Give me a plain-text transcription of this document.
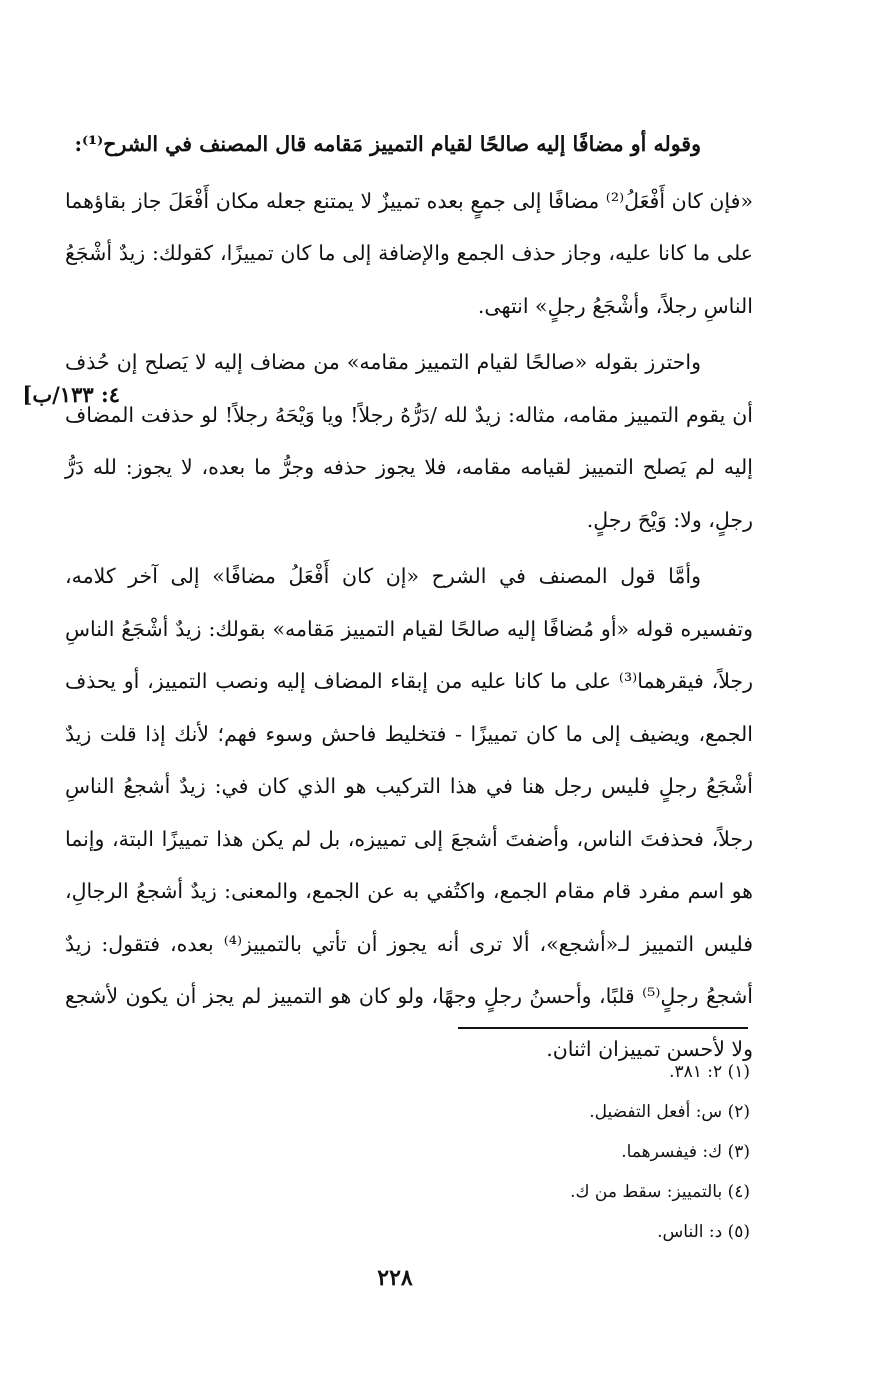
٤: ١٣٣/ب]

وقوله أو مضافًا إليه صالحًا لقيام التمييز مَقامه قال المصنف في الشرح⁽¹⁾:

«فإن كان أَفْعَلُ⁽²⁾ مضافًا إلى جمعٍ بعده تمييزٌ لا يمتنع جعله مكان أَفْعَلَ جاز بقاؤهما على ما كانا عليه، وجاز حذف الجمع والإضافة إلى ما كان تمييزًا، كقولك: زيدٌ أشْجَعُ الناسِ رجلاً، وأشْجَعُ رجلٍ» انتهى.

واحترز بقوله «صالحًا لقيام التمييز مقامه» من مضاف إليه لا يَصلح إن حُذف أن يقوم التمييز مقامه، مثاله: زيدٌ لله /دَرُّهُ رجلاً! ويا وَيْحَهُ رجلاً! لو حذفت المضاف إليه لم يَصلح التمييز لقيامه مقامه، فلا يجوز حذفه وجرُّ ما بعده، لا يجوز: لله دَرُّ رجلٍ، ولا: وَيْحَ رجلٍ.

وأمَّا قول المصنف في الشرح «إن كان أَفْعَلُ مضافًا» إلى آخر كلامه، وتفسيره قوله «أو مُضافًا إليه صالحًا لقيام التمييز مَقامه» بقولك: زيدٌ أشْجَعُ الناسِ رجلاً، فيقرهما⁽³⁾ على ما كانا عليه من إبقاء المضاف إليه ونصب التمييز، أو يحذف الجمع، ويضيف إلى ما كان تمييزًا - فتخليط فاحش وسوء فهم؛ لأنك إذا قلت زيدٌ أشْجَعُ رجلٍ فليس رجل هنا في هذا التركيب هو الذي كان في: زيدٌ أشجعُ الناسِ رجلاً، فحذفتَ الناس، وأضفتَ أشجعَ إلى تمييزه، بل لم يكن هذا تمييزًا البتة، وإنما هو اسم مفرد قام مقام الجمع، واكتُفي به عن الجمع، والمعنى: زيدٌ أشجعُ الرجالِ، فليس التمييز لـ«أشجع»، ألا ترى أنه يجوز أن تأتي بالتمييز⁽⁴⁾ بعده، فتقول: زيدٌ أشجعُ رجلٍ⁽⁵⁾ قلبًا، وأحسنُ رجلٍ وجهًا، ولو كان هو التمييز لم يجز أن يكون لأشجع ولا لأحسن تمييزان اثنان.

(١) ٢: ٣٨١.
(٢) س: أفعل التفضيل.
(٣) ك: فيفسرهما.
(٤) بالتمييز: سقط من ك.
(٥) د: الناس.
٢٢٨
